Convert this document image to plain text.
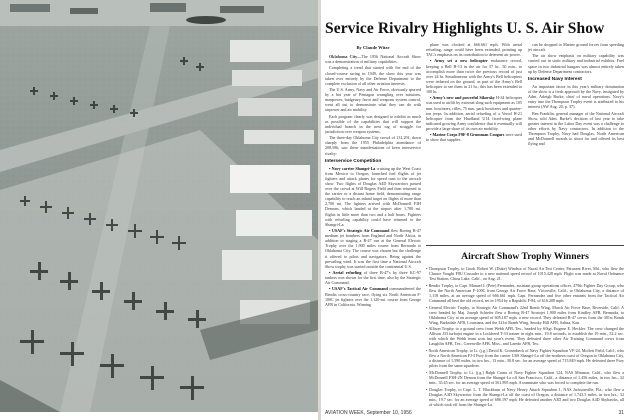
Service Rivalry Highlights U. S. Air Show

By Claude Witze

Oklahoma City—The 1956 National Aircraft Show was a demonstration of military capabilities.

Completing a trend that started with the end of the closed-course racing in 1949, the show this year was taken over entirely by the Defense Department to the complete exclusion of all other aviation interests.

The U.S. Army, Navy and Air Force, obviously spurred by a hot year of Pentagon wrangling over missions, manpower, budgetary favor and weapons system control, went all out to demonstrate what they can do with airpower and air mobility.

Each program clearly was designed to exhibit as much as possible of the capabilities that will support the individual branch in the next tug of struggle for jurisdiction over weapon systems.

The three-day Oklahoma City crowd of 131,291, down sharply from the 1955 Philadelphia attendance of 208,586, saw these manifestations of keen interservice rivalry:

Interservice Competition

• Navy carrier Shangri-La cruising up the West Coast from Mexico to Oregon, launched fuel flights of jet fighters and attack planes for speed runs to the aircraft show. Two flights of Douglas A4D Skywarriors passed over the crowd at Will Rogers Field and then returned to the carrier or a distant home field, demonstrating range capability to reach an inland target on flights of more than 2,700 mi. The fighters arrived with McDonnell F3H Demons, which landed at the airport after 1,700 mi. flights in little more than two and a half hours. Fighters with refueling capability could have returned to the Shangri-La.

• USAF's Strategic Air Command flew Boeing B-47 medium jet bombers from England and North Africa, in addition to staging a B-47 run at the General Electric Trophy over the 1,900 miles course from Bermuda to Oklahoma City. The course was chosen but the challenge it offered to pilots and navigators. Being against the prevailing wind. It was the first time a National Aircraft Show trophy was started outside the continental U.S.

• Aerial refueling of three B-47's by three KC-97 tankers was shown for the first time, also by the Strategic Air Command.

• USAF's Tactical Air Command commandeered the Bendix cross-country race, flying six North American F-100C jet fighters over the 1,120-mi. course from George AFB in California. Winning

plane was clocked at 666.661 mph. With aerial refueling, range could have been extended, pointing up TAC's emphasis on its contribution to deterrent air power.

• Army set a new helicopter endurance record, keeping a Bell H-13 in the air for 57 hr., 50 min., to accomplish more than twice the previous record of just over 24 hr. Simultaneous with the Army's Bell helicopters were tethered on the ground, as part of the Army's Bell helicopter to see them in 21 hr.; this has been extended to 100 hr.

• Army's new and powerful Sikorsky H-34 helicopter was used to airlift by external sling such equipment as 105 mm. howitzers, rifles, 75 mm. pack howitzers and quarter-ton jeeps. In addition, aerial refueling of a Vertol H-21 helicopter from the Hurdland U14 fixed-wing plane indicated growing Army confidence that it eventually will provide a large share of its own air mobility.

• Marine Corps F9F-8 Grumman Cougars were used to show that supplies

can be dropped to Marine ground forces from speeding jet aircraft.

The air show emphasis on military capability was carried out in static military and industrial exhibits. Fuel space in two industrial hangars was almost entirely taken up by Defense Department contractors.

Increased Navy Interest

An important factor in this year's military domination of the show is a fresh approach by the Navy, instigated by Adm. Arleigh Burke, chief of naval operations. Navy's entry into the Thompson Trophy event is attributed to his interest (AW Aug. 20, p. 37).

Ben Franklin, general manager of the National Aircraft Show, told Adm. Burke's decision of last year to take greater interest in the Labor Day event was a challenge to other efforts by Navy contractors. In addition to the Thompson Trophy, Navy had Douglas, North American and McDonnell awards to shoot for and offered its best flying and

Aircraft Show Trophy Winners

• Thompson Trophy, to Cmdr. Robert W. (Duke) Windsor of Naval Air Test Center, Patuxent River, Md., who flew the Chance Vought F8U Crusader to a new national speed record of 1015.428 mph. Flight was made at Naval Ordnance Test Station, China Lake, Calif., on Aug. 21.

• Bendix Trophy, to Capt. Manuel J. (Pete) Fernandez, assistant group operations officer, 479th Fighter Day Group, who flew the North American F-100C from George Air Force Base, Victorville, Calif., to Oklahoma City, a distance of 1,118 miles, at an average speed of 666.661 mph. Capt. Fernandez and five other entrants from the Tactical Air Command all beat the old record, set in 1954 by a Republic F-84, of 616.208 mph.

• General Electric Trophy, to Strategic Air Command's 22nd Bomb Wing, March Air Force Base, Riverside, Calif. A crew headed by Maj. Joseph Schiefer flew a Boeing B-47 Stratojet 1,900 miles from Kindley AFB, Bermuda, to Oklahoma City at an average speed of 605.187 mph, a new record. They defeated B-47 crews from the 301st Bomb Wing, Barksdale AFB, Louisiana, and the 321st Bomb Wing, Smoky Hill AFB, Salina, Kan.

• Allison Trophy, to a ground crew from Webb AFB, Tex., headed by S/Sgt. Eugene E. Heckler. The crew changed the Allison J33 turbojet engine in a Lockheed T-33 trainer in eight min., 19.8 seconds, to establish the 19 min., 52.2 sec. with which the Webb team won last year's event. They defeated three other Air Training Command crews from Laughlin AFB, Tex., Greenville AFB, Miss., and Laredo AFB, Tex.

• North American Trophy, to Lt. (j.g.) David K. Grosenbeck of Navy Fighter Squadron VF-24, Moffett Field, Calif., who flew a North American FJ-3 Fury from the carrier USS Shangri-La off the northern coast of Oregon to Oklahoma City, a distance of 1,590 miles, in two hrs., 13 min., 30.8 sec. for an average speed of 715.849 mph. He defeated three Fury pilots from the same squadron.

• McDonnell Trophy, to Lt. (j.g.) Ralph Carna of Navy Fighter Squadron 124, NAS Miramar, Calif., who flew a McDonnell F3H-2N Demon from the Shangri-La off San Francisco, Calif., a distance of 1,456 miles, in two hrs., 32 min., 35.45 sec. for an average speed of 561.895 mph. A teammate who was forced to complete the run.

• Douglas Trophy, to Capt. L. T. Blackburn of Navy Heavy Attack Squadron 1, NAS Jacksonville, Fla., who flew a Douglas A3D Skywarrior from the Shangri-La off the coast of Oregon, a distance of 1,743.5 miles, in two hrs., 32 min., 19.7 sec. for an average speed of 686.197 mph. He defeated another A3D and two Douglas A4D Skyhawks, all of which took off from the Shangri-La.

AVIATION WEEK, September 10, 1956	31
